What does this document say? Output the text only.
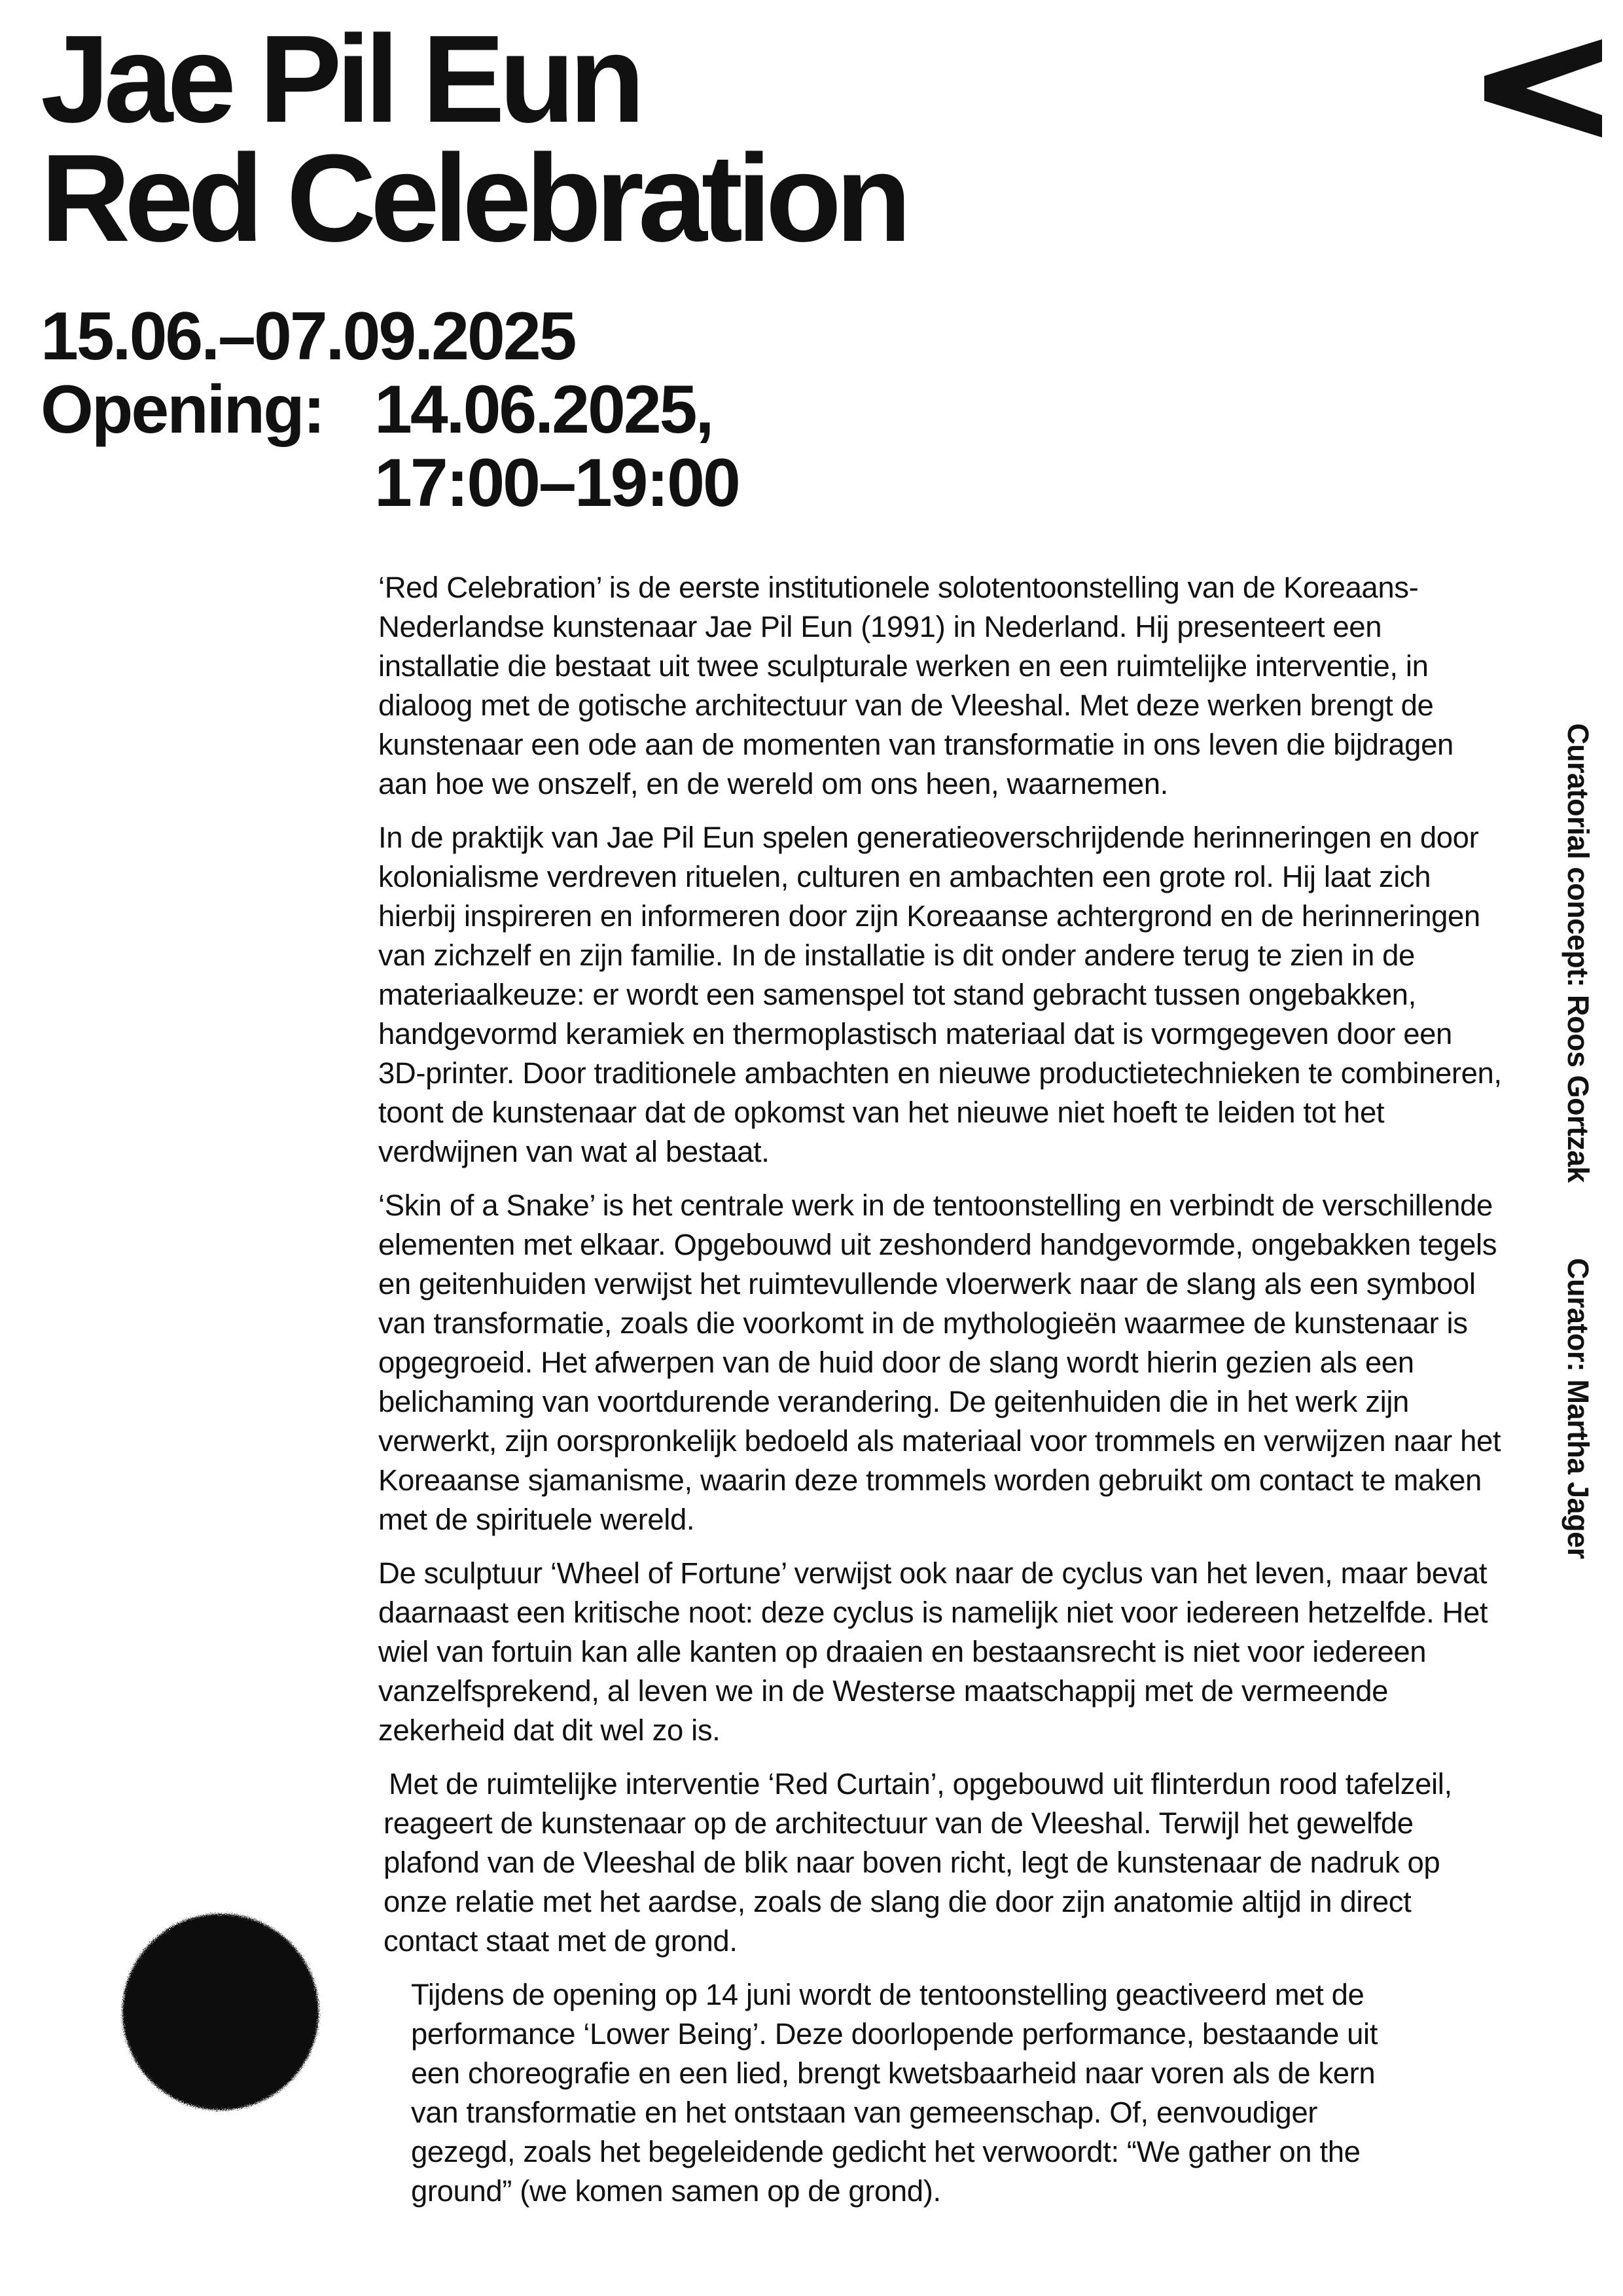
Jae Pil Eun
Red Celebration
15.06.–07.09.2025
Opening: 14.06.2025,
17:00–19:00

‘Red Celebration’ is de eerste institutionele solotentoonstelling van de Koreaans-Nederlandse kunstenaar Jae Pil Eun (1991) in Nederland. Hij presenteert een installatie die bestaat uit twee sculpturale werken en een ruimtelijke interventie, in dialoog met de gotische architectuur van de Vleeshal. Met deze werken brengt de kunstenaar een ode aan de momenten van transformatie in ons leven die bijdragen aan hoe we onszelf, en de wereld om ons heen, waarnemen.

In de praktijk van Jae Pil Eun spelen generatieoverschrijdende herinneringen en door kolonialisme verdreven rituelen, culturen en ambachten een grote rol. Hij laat zich hierbij inspireren en informeren door zijn Koreaanse achtergrond en de herinneringen van zichzelf en zijn familie. In de installatie is dit onder andere terug te zien in de materiaalkeuze: er wordt een samenspel tot stand gebracht tussen ongebakken, handgevormd keramiek en thermoplastisch materiaal dat is vormgegeven door een 3D-printer. Door traditionele ambachten en nieuwe productietechnieken te combineren, toont de kunstenaar dat de opkomst van het nieuwe niet hoeft te leiden tot het verdwijnen van wat al bestaat.

‘Skin of a Snake’ is het centrale werk in de tentoonstelling en verbindt de verschillende elementen met elkaar. Opgebouwd uit zeshonderd handgevormde, ongebakken tegels en geitenhuiden verwijst het ruimtevullende vloerwerk naar de slang als een symbool van transformatie, zoals die voorkomt in de mythologieën waarmee de kunstenaar is opgegroeid. Het afwerpen van de huid door de slang wordt hierin gezien als een belichaming van voortdurende verandering. De geitenhuiden die in het werk zijn verwerkt, zijn oorspronkelijk bedoeld als materiaal voor trommels en verwijzen naar het Koreaanse sjamanisme, waarin deze trommels worden gebruikt om contact te maken met de spirituele wereld.

De sculptuur ‘Wheel of Fortune’ verwijst ook naar de cyclus van het leven, maar bevat daarnaast een kritische noot: deze cyclus is namelijk niet voor iedereen hetzelfde. Het wiel van fortuin kan alle kanten op draaien en bestaansrecht is niet voor iedereen vanzelfsprekend, al leven we in de Westerse maatschappij met de vermeende zekerheid dat dit wel zo is.

Met de ruimtelijke interventie ‘Red Curtain’, opgebouwd uit flinterdun rood tafelzeil, reageert de kunstenaar op de architectuur van de Vleeshal. Terwijl het gewelfde plafond van de Vleeshal de blik naar boven richt, legt de kunstenaar de nadruk op onze relatie met het aardse, zoals de slang die door zijn anatomie altijd in direct contact staat met de grond.

Tijdens de opening op 14 juni wordt de tentoonstelling geactiveerd met de performance ‘Lower Being’. Deze doorlopende performance, bestaande uit een choreografie en een lied, brengt kwetsbaarheid naar voren als de kern van transformatie en het ontstaan van gemeenschap. Of, eenvoudiger gezegd, zoals het begeleidende gedicht het verwoordt: “We gather on the ground” (we komen samen op de grond).

Curatorial concept: Roos Gortzak
Curator: Martha Jager
